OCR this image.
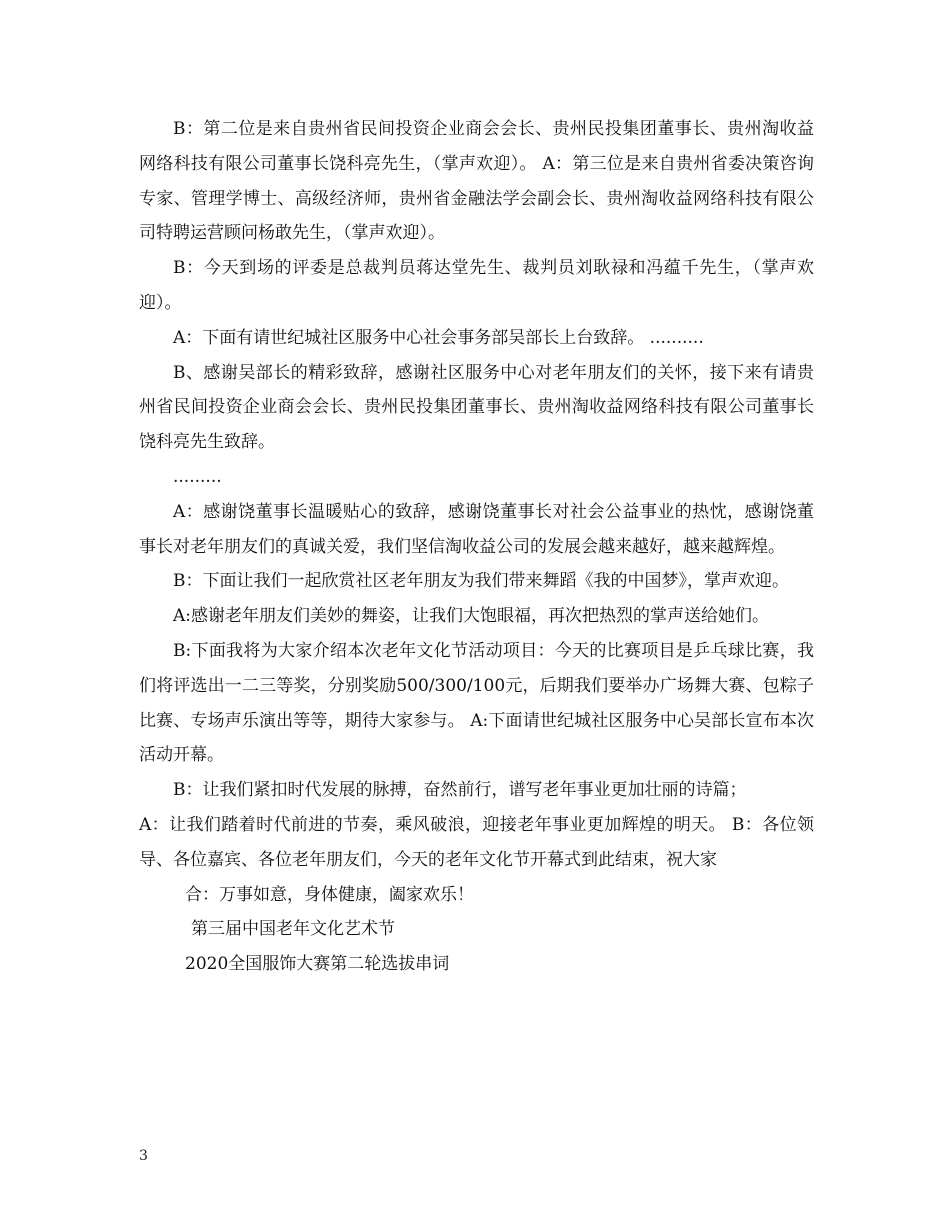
B：第二位是来自贵州省民间投资企业商会会长、贵州民投集团董事长、贵州淘收益网络科技有限公司董事长饶科亮先生，（掌声欢迎）。 A：第三位是来自贵州省委决策咨询专家、管理学博士、高级经济师，贵州省金融法学会副会长、贵州淘收益网络科技有限公司特聘运营顾问杨敢先生，（掌声欢迎）。

B：今天到场的评委是总裁判员蒋达堂先生、裁判员刘耿禄和冯蕴千先生，（掌声欢迎）。

A：下面有请世纪城社区服务中心社会事务部吴部长上台致辞。 ..........

B、感谢吴部长的精彩致辞，感谢社区服务中心对老年朋友们的关怀，接下来有请贵州省民间投资企业商会会长、贵州民投集团董事长、贵州淘收益网络科技有限公司董事长饶科亮先生致辞。

.........

A：感谢饶董事长温暖贴心的致辞，感谢饶董事长对社会公益事业的热忱，感谢饶董事长对老年朋友们的真诚关爱，我们坚信淘收益公司的发展会越来越好，越来越辉煌。

B：下面让我们一起欣赏社区老年朋友为我们带来舞蹈《我的中国梦》，掌声欢迎。

A:感谢老年朋友们美妙的舞姿，让我们大饱眼福，再次把热烈的掌声送给她们。

B:下面我将为大家介绍本次老年文化节活动项目：今天的比赛项目是乒乓球比赛，我们将评选出一二三等奖，分别奖励500/300/100元，后期我们要举办广场舞大赛、包粽子比赛、专场声乐演出等等，期待大家参与。 A:下面请世纪城社区服务中心吴部长宣布本次活动开幕。

B：让我们紧扣时代发展的脉搏，奋然前行，谱写老年事业更加壮丽的诗篇；

A：让我们踏着时代前进的节奏，乘风破浪，迎接老年事业更加辉煌的明天。 B：各位领导、各位嘉宾、各位老年朋友们，今天的老年文化节开幕式到此结束，祝大家

合：万事如意，身体健康，阖家欢乐！

第三届中国老年文化艺术节

2020全国服饰大赛第二轮选拔串词

3
